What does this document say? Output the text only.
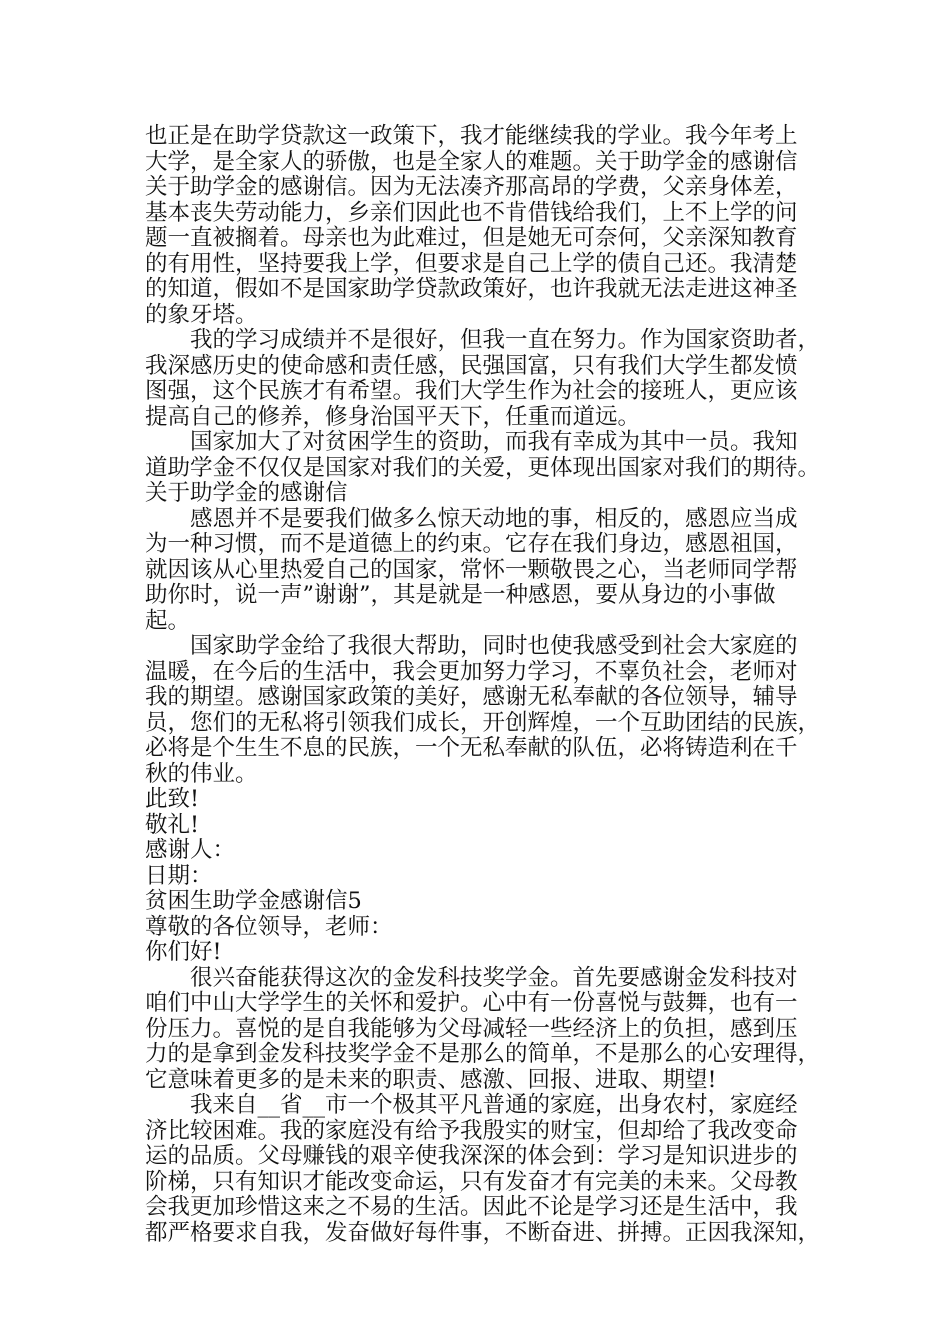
也正是在助学贷款这一政策下，我才能继续我的学业。我今年考上
大学，是全家人的骄傲，也是全家人的难题。关于助学金的感谢信
关于助学金的感谢信。因为无法凑齐那高昂的学费，父亲身体差，
基本丧失劳动能力，乡亲们因此也不肯借钱给我们，上不上学的问
题一直被搁着。母亲也为此难过，但是她无可奈何，父亲深知教育
的有用性，坚持要我上学，但要求是自己上学的债自己还。我清楚
的知道，假如不是国家助学贷款政策好，也许我就无法走进这神圣
的象牙塔。

我的学习成绩并不是很好，但我一直在努力。作为国家资助者，
我深感历史的使命感和责任感，民强国富，只有我们大学生都发愤
图强，这个民族才有希望。我们大学生作为社会的接班人，更应该
提高自己的修养，修身治国平天下，任重而道远。

国家加大了对贫困学生的资助，而我有幸成为其中一员。我知
道助学金不仅仅是国家对我们的关爱，更体现出国家对我们的期待。
关于助学金的感谢信

感恩并不是要我们做多么惊天动地的事，相反的，感恩应当成
为一种习惯，而不是道德上的约束。它存在我们身边，感恩祖国，
就因该从心里热爱自己的国家，常怀一颗敬畏之心，当老师同学帮
助你时，说一声”谢谢”，其是就是一种感恩，要从身边的小事做
起。

国家助学金给了我很大帮助，同时也使我感受到社会大家庭的
温暖，在今后的生活中，我会更加努力学习，不辜负社会，老师对
我的期望。感谢国家政策的美好，感谢无私奉献的各位领导，辅导
员，您们的无私将引领我们成长，开创辉煌，一个互助团结的民族，
必将是个生生不息的民族，一个无私奉献的队伍，必将铸造利在千
秋的伟业。

此致!

敬礼!

感谢人：

日期：

贫困生助学金感谢信5

尊敬的各位领导，老师：

你们好!

很兴奋能获得这次的金发科技奖学金。首先要感谢金发科技对
咱们中山大学学生的关怀和爱护。心中有一份喜悦与鼓舞，也有一
份压力。喜悦的是自我能够为父母减轻一些经济上的负担，感到压
力的是拿到金发科技奖学金不是那么的简单，不是那么的心安理得，
它意味着更多的是未来的职责、感激、回报、进取、期望!

我来自__省__市一个极其平凡普通的家庭，出身农村，家庭经
济比较困难。我的家庭没有给予我殷实的财宝，但却给了我改变命
运的品质。父母赚钱的艰辛使我深深的体会到：学习是知识进步的
阶梯，只有知识才能改变命运，只有发奋才有完美的未来。父母教
会我更加珍惜这来之不易的生活。因此不论是学习还是生活中，我
都严格要求自我，发奋做好每件事，不断奋进、拼搏。正因我深知，
